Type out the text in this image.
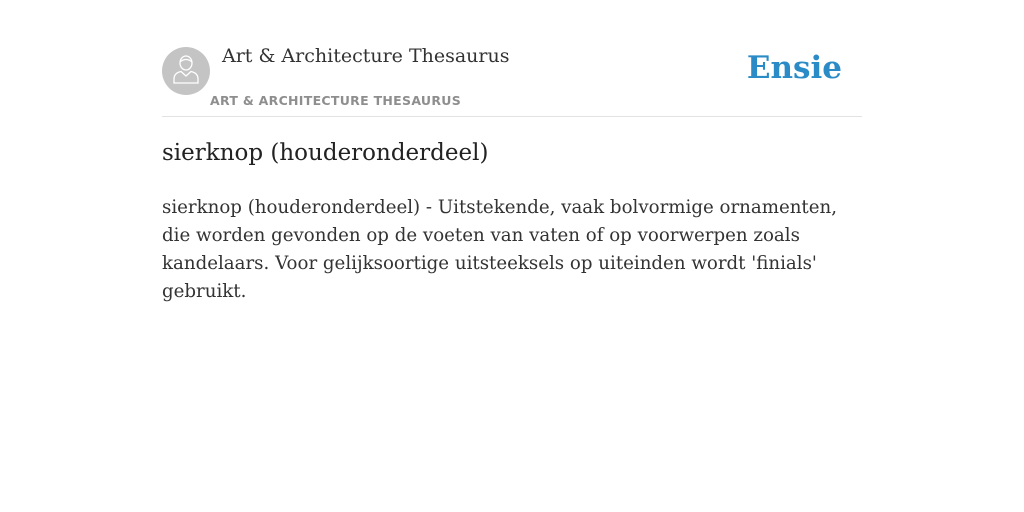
Art & Architecture Thesaurus
ART & ARCHITECTURE THESAURUS
Ensie
sierknop (houderonderdeel)

sierknop (houderonderdeel) - Uitstekende, vaak bolvormige ornamenten, die worden gevonden op de voeten van vaten of op voorwerpen zoals kandelaars. Voor gelijksoortige uitsteeksels op uiteinden wordt 'finials' gebruikt.
